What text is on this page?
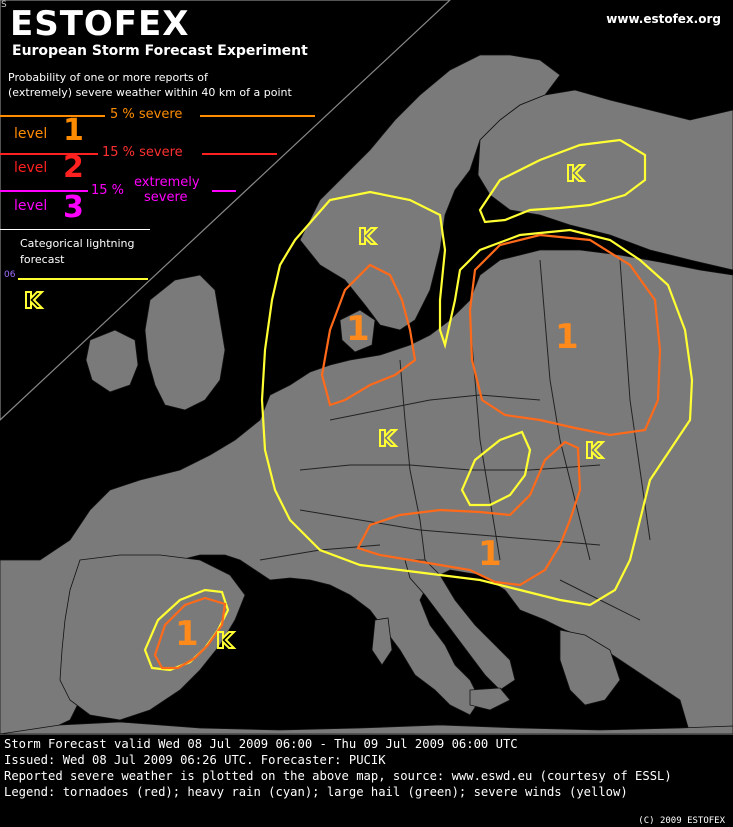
1	1
1
1
S ESTOFEX
European Storm Forecast Experiment
www.estofex.org
Probability of one or more reports of
(extremely) severe weather within 40 km of a point
5 % severe
level 1
15 % severe
level 2
15 %
extremely
severe
level 3
Categorical lightning
forecast
06
Storm Forecast valid Wed 08 Jul 2009 06:00 - Thu 09 Jul 2009 06:00 UTC
Issued: Wed 08 Jul 2009 06:26 UTC. Forecaster: PUCIK
Reported severe weather is plotted on the above map, source: www.eswd.eu (courtesy of ESSL)
Legend: tornadoes (red); heavy rain (cyan); large hail (green); severe winds (yellow)
(C) 2009 ESTOFEX
